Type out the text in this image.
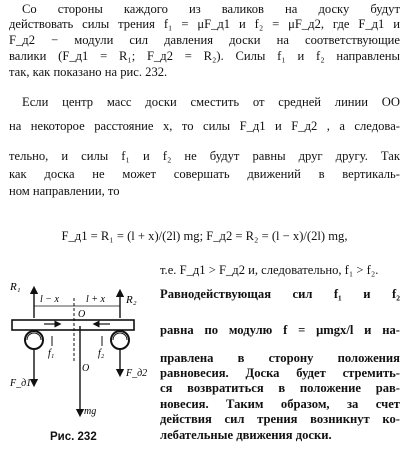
Со стороны каждого из валиков на доску будут
действовать силы трения f₁ = μF_д1 и f₂ = μF_д2, где F_д1 и
F_д2 − модули сил давления доски на соответствующие
валики (F_д1 = R₁; F_д2 = R₂). Силы f₁ и f₂ направлены
так, как показано на рис. 232.
Если центр масс доски сместить от средней линии OO
на некоторое расстояние x, то силы F_д1 и F_д2 , а следова-
тельно, и силы f₁ и f₂ не будут равны друг другу. Так
как доска не может совершать движений в вертикаль-
ном направлении, то
F_д1 = R₁ = (l + x)/(2l) mg; F_д2 = R₂ = (l − x)/(2l) mg,
т.е. F_д1 > F_д2 и, следовательно, f₁ > f₂.
Равнодействующая сил f₁ и f₂
равна по модулю f = μmgx/l и на-
правлена в сторону положения
равновесия. Доска будет стремить-
ся возвратиться в положение рав-
новесия. Таким образом, за счет
действия сил трения возникнут ко-
лебательные движения доски.
R₁
R₂
l − x	l + x
O
O
f₁	f₂
F_д1
F_д2
mg
Рис. 232
